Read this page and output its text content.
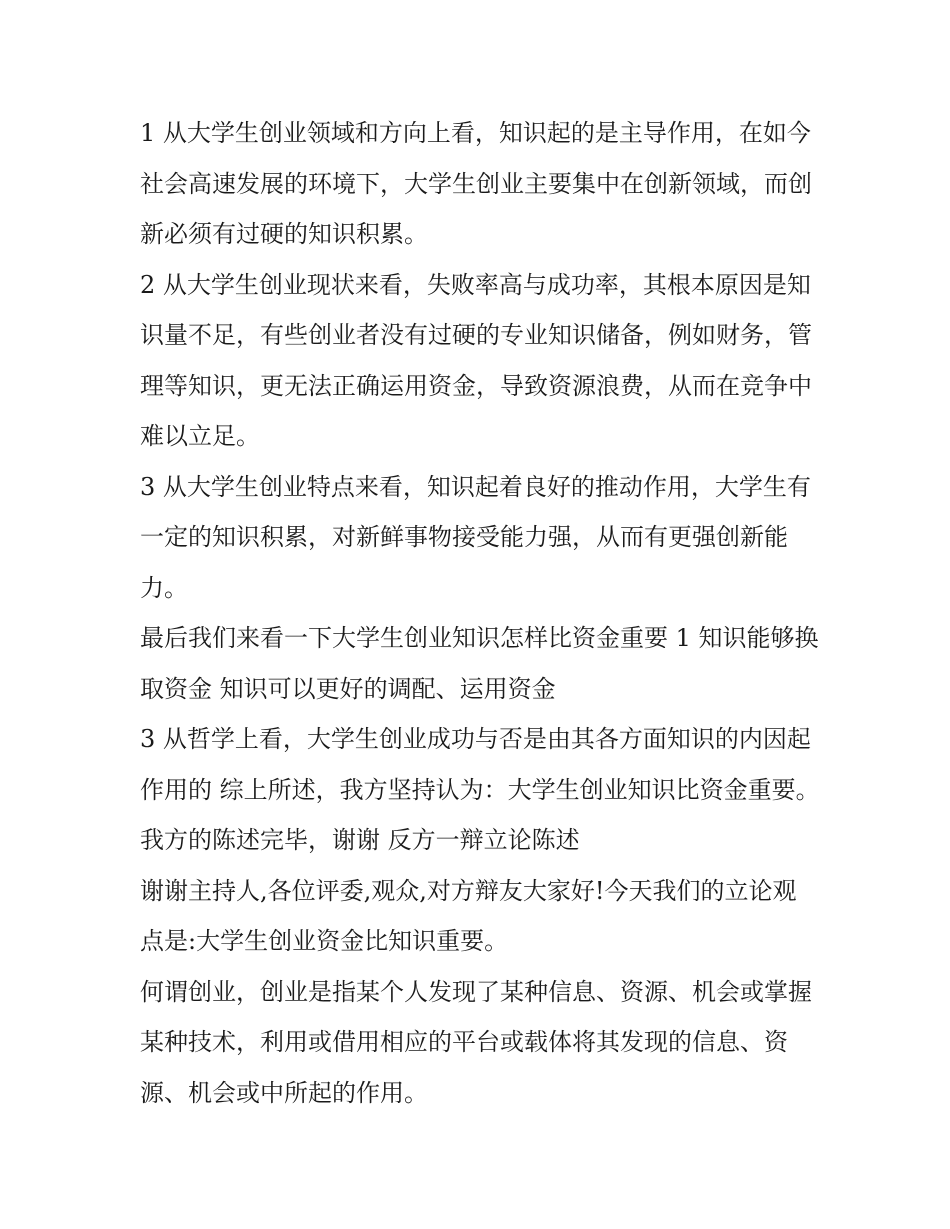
1 从大学生创业领域和方向上看，知识起的是主导作用，在如今社会高速发展的环境下，大学生创业主要集中在创新领域，而创新必须有过硬的知识积累。

2 从大学生创业现状来看，失败率高与成功率，其根本原因是知识量不足，有些创业者没有过硬的专业知识储备，例如财务，管理等知识，更无法正确运用资金，导致资源浪费，从而在竞争中难以立足。

3 从大学生创业特点来看，知识起着良好的推动作用，大学生有一定的知识积累，对新鲜事物接受能力强，从而有更强创新能力。

最后我们来看一下大学生创业知识怎样比资金重要 1 知识能够换取资金 知识可以更好的调配、运用资金

3 从哲学上看，大学生创业成功与否是由其各方面知识的内因起作用的 综上所述，我方坚持认为：大学生创业知识比资金重要。我方的陈述完毕，谢谢 反方一辩立论陈述

谢谢主持人,各位评委,观众,对方辩友大家好!今天我们的立论观点是:大学生创业资金比知识重要。

何谓创业，创业是指某个人发现了某种信息、资源、机会或掌握某种技术，利用或借用相应的平台或载体将其发现的信息、资源、机会或中所起的作用。
